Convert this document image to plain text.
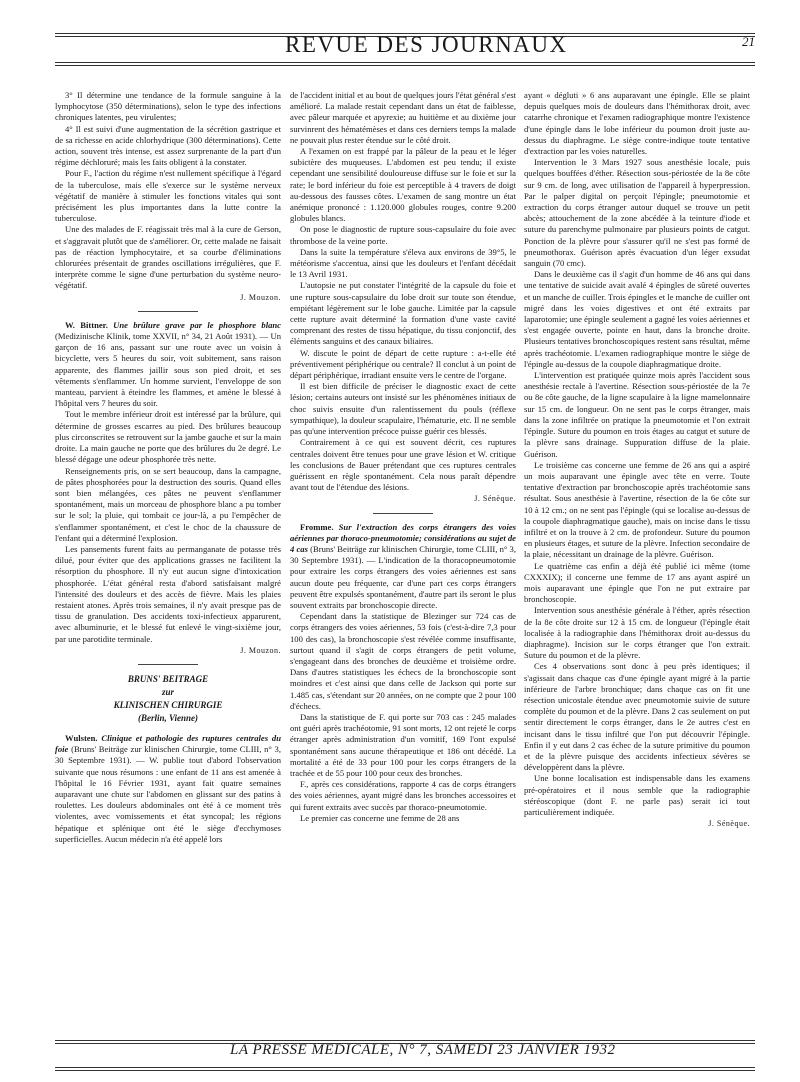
REVUE DES JOURNAUX	21

3° Il détermine une tendance de la formule sanguine à la lymphocytose (350 déterminations), selon le type des infections chroniques latentes, peu virulentes;

4° Il est suivi d'une augmentation de la sécrétion gastrique et de sa richesse en acide chlorhydrique (300 déterminations). Cette action, souvent très intense, est assez surprenante de la part d'un régime déchloruré; mais les faits obligent à la constater.

Pour F., l'action du régime n'est nullement spécifique à l'égard de la tuberculose, mais elle s'exerce sur le système nerveux végétatif de manière à stimuler les fonctions vitales qui sont précisément les plus importantes dans la lutte contre la tuberculose.

Une des malades de F. réagissait très mal à la cure de Gerson, et s'aggravait plutôt que de s'améliorer. Or, cette malade ne faisait pas de réaction lymphocytaire, et sa courbe d'éliminations chlorurées présentait de grandes oscillations irrégulières, que F. interprète comme le signe d'une perturbation du système neuro-végétatif.

J. Mouzon.

W. Bittner. Une brûlure grave par le phosphore blanc (Medizinische Klinik, tome XXVII, n° 34, 21 Août 1931). — Un garçon de 16 ans, passant sur une route avec un voisin à bicyclette, vers 5 heures du soir, voit subitement, sans raison apparente, des flammes jaillir sous son pied droit, et ses vêtements s'enflammer. Un homme survient, l'enveloppe de son manteau, parvient à éteindre les flammes, et amène le blessé à l'hôpital vers 7 heures du soir.

Tout le membre inférieur droit est intéressé par la brûlure, qui détermine de grosses escarres au pied. Des brûlures beaucoup plus circonscrites se retrouvent sur la jambe gauche et sur la main droite. La main gauche ne porte que des brûlures du 2e degré. Le blessé dégage une odeur phosphorée très nette.

Renseignements pris, on se sert beaucoup, dans la campagne, de pâtes phosphorées pour la destruction des souris. Quand elles sont bien mélangées, ces pâtes ne peuvent s'enflammer spontanément, mais un morceau de phosphore blanc a pu tomber sur le sol; la pluie, qui tombait ce jour-là, a pu l'empêcher de s'enflammer spontanément, et c'est le choc de la chaussure de l'enfant qui a déterminé l'explosion.

Les pansements furent faits au permanganate de potasse très dilué, pour éviter que des applications grasses ne facilitent la résorption du phosphore. Il n'y eut aucun signe d'intoxication phosphorée. L'état général resta d'abord satisfaisant malgré l'intensité des douleurs et des accès de fièvre. Mais les plaies restaient atones. Après trois semaines, il n'y avait presque pas de tissu de granulation. Des accidents toxi-infectieux apparurent, avec albuminurie, et le blessé fut enlevé le vingt-sixième jour, par une parotidite terminale.

J. Mouzon.

BRUNS' BEITRAGE
zur
KLINISCHEN CHIRURGIE
(Berlin, Vienne)

Wulsten. Clinique et pathologie des ruptures centrales du foie (Bruns' Beiträge zur klinischen Chirurgie, tome CLIII, n° 3, 30 Septembre 1931). — W. publie tout d'abord l'observation suivante que nous résumons : une enfant de 11 ans est amenée à l'hôpital le 16 Février 1931, ayant fait quatre semaines auparavant une chute sur l'abdomen en glissant sur des patins à roulettes. Les douleurs abdominales ont été à ce moment très violentes, avec vomissements et état syncopal; les régions hépatique et splénique ont été le siège d'ecchymoses superficielles. Aucun médecin n'a été appelé lors

de l'accident initial et au bout de quelques jours l'état général s'est amélioré. La malade restait cependant dans un état de faiblesse, avec pâleur marquée et apyrexie; au huitième et au dixième jour survinrent des hématémèses et dans ces derniers temps la malade ne pouvait plus rester étendue sur le côté droit.

A l'examen on est frappé par la pâleur de la peau et le léger subictère des muqueuses. L'abdomen est peu tendu; il existe cependant une sensibilité douloureuse diffuse sur le foie et sur la rate; le bord inférieur du foie est perceptible à 4 travers de doigt au-dessous des fausses côtes. L'examen de sang montre un état anémique prononcé : 1.120.000 globules rouges, contre 9.200 globules blancs.

On pose le diagnostic de rupture sous-capsulaire du foie avec thrombose de la veine porte.

Dans la suite la température s'éleva aux environs de 39°5, le météorisme s'accentua, ainsi que les douleurs et l'enfant décédait le 13 Avril 1931.

L'autopsie ne put constater l'intégrité de la capsule du foie et une rupture sous-capsulaire du lobe droit sur toute son étendue, empiétant légèrement sur le lobe gauche. Limitée par la capsule cette rupture avait déterminé la formation d'une vaste cavité comprenant des restes de tissu hépatique, du tissu conjonctif, des éléments sanguins et des canaux biliaires.

W. discute le point de départ de cette rupture : a-t-elle été préventivement périphérique ou centrale? Il conclut à un point de départ périphérique, irradiant ensuite vers le centre de l'organe.

Il est bien difficile de préciser le diagnostic exact de cette lésion; certains auteurs ont insisté sur les phénomènes initiaux de choc suivis ensuite d'un ralentissement du pouls (réflexe sympathique), la douleur scapulaire, l'hématurie, etc. Il ne semble pas qu'une intervention précoce puisse guérir ces blessés.

Contrairement à ce qui est souvent décrit, ces ruptures centrales doivent être tenues pour une grave lésion et W. critique les conclusions de Bauer prétendant que ces ruptures centrales guérissent en règle spontanément. Cela nous paraît dépendre avant tout de l'étendue des lésions.

J. Sénèque.

Fromme. Sur l'extraction des corps étrangers des voies aériennes par thoraco-pneumotomie; considérations au sujet de 4 cas (Bruns' Beiträge zur klinischen Chirurgie, tome CLIII, n° 3, 30 Septembre 1931). — L'indication de la thoracopneumotomie pour extraire les corps étrangers des voies aériennes est sans aucun doute peu fréquente, car d'une part ces corps étrangers peuvent être expulsés spontanément, d'autre part ils seront le plus souvent extraits par bronchoscopie directe.

Cependant dans la statistique de Blezinger sur 724 cas de corps étrangers des voies aériennes, 53 fois (c'est-à-dire 7,3 pour 100 des cas), la bronchoscopie s'est révélée comme insuffisante, surtout quand il s'agit de corps étrangers de petit volume, s'engageant dans des bronches de deuxième et troisième ordre. Dans d'autres statistiques les échecs de la bronchoscopie sont moindres et c'est ainsi que dans celle de Jackson qui porte sur 1.485 cas, s'étendant sur 20 années, on ne compte que 2 pour 100 d'échecs.

Dans la statistique de F. qui porte sur 703 cas : 245 malades ont guéri après trachéotomie, 91 sont morts, 12 ont rejeté le corps étranger après administration d'un vomitif, 169 l'ont expulsé spontanément sans aucune thérapeutique et 186 ont décédé. La mortalité a été de 33 pour 100 pour les corps étrangers de la trachée et de 55 pour 100 pour ceux des bronches.

F., après ces considérations, rapporte 4 cas de corps étrangers des voies aériennes, ayant migré dans les bronches accessoires et qui furent extraits avec succès par thoraco-pneumotomie.

Le premier cas concerne une femme de 28 ans

ayant « dégluti » 6 ans auparavant une épingle. Elle se plaint depuis quelques mois de douleurs dans l'hémithorax droit, avec catarrhe chronique et l'examen radiographique montre l'existence d'une épingle dans le lobe inférieur du poumon droit juste au-dessus du diaphragme. Le siège contre-indique toute tentative d'extraction par les voies naturelles.

Intervention le 3 Mars 1927 sous anesthésie locale, puis quelques bouffées d'éther. Résection sous-périostée de la 8e côte sur 9 cm. de long, avec utilisation de l'appareil à hyperpression. Par le palper digital on perçoit l'épingle; pneumotomie et extraction du corps étranger autour duquel se trouve un petit abcès; attouchement de la zone abcédée à la teinture d'iode et suture du parenchyme pulmonaire par plusieurs points de catgut. Ponction de la plèvre pour s'assurer qu'il ne s'est pas formé de pneumothorax. Guérison après évacuation d'un léger exsudat sanguin (70 cmc).

Dans le deuxième cas il s'agit d'un homme de 46 ans qui dans une tentative de suicide avait avalé 4 épingles de sûreté ouvertes et un manche de cuiller. Trois épingles et le manche de cuiller ont migré dans les voies digestives et ont été extraits par laparotomie; une épingle seulement a gagné les voies aériennes et s'est engagée ouverte, pointe en haut, dans la bronche droite. Plusieurs tentatives bronchoscopiques restent sans résultat, même après trachéotomie. L'examen radiographique montre le siège de l'épingle au-dessus de la coupole diaphragmatique droite.

L'intervention est pratiquée quinze mois après l'accident sous anesthésie rectale à l'avertine. Résection sous-périostée de la 7e ou 8e côte gauche, de la ligne scapulaire à la ligne mamelonnaire sur 15 cm. de longueur. On ne sent pas le corps étranger, mais dans la zone infiltrée on pratique la pneumotomie et l'on extrait l'épingle. Suture du poumon en trois étages au catgut et suture de la plèvre sans drainage. Suppuration diffuse de la plaie. Guérison.

Le troisième cas concerne une femme de 26 ans qui a aspiré un mois auparavant une épingle avec tête en verre. Toute tentative d'extraction par bronchoscopie après trachéotomie sans résultat. Sous anesthésie à l'avertine, résection de la 6e côte sur 10 à 12 cm.; on ne sent pas l'épingle (qui se localise au-dessus de la coupole diaphragmatique gauche), mais on incise dans le tissu infiltré et on la trouve à 2 cm. de profondeur. Suture du poumon en plusieurs étages, et suture de la plèvre. Infection secondaire de la plaie, nécessitant un drainage de la plèvre. Guérison.

Le quatrième cas enfin a déjà été publié ici même (tome CXXXIX); il concerne une femme de 17 ans ayant aspiré un mois auparavant une épingle que l'on ne put extraire par bronchoscopie.

Intervention sous anesthésie générale à l'éther, après résection de la 8e côte droite sur 12 à 15 cm. de longueur (l'épingle était localisée à la radiographie dans l'hémithorax droit au-dessus du diaphragme). Incision sur le corps étranger que l'on extrait. Suture du poumon et de la plèvre.

Ces 4 observations sont donc à peu près identiques; il s'agissait dans chaque cas d'une épingle ayant migré à la partie inférieure de l'arbre bronchique; dans chaque cas on fit une résection unicostale étendue avec pneumotomie suivie de suture complète du poumon et de la plèvre. Dans 2 cas seulement on put sentir directement le corps étranger, dans le 2e autres c'est en incisant dans le tissu infiltré que l'on put découvrir l'épingle. Enfin il y eut dans 2 cas échec de la suture primitive du poumon et de la plèvre puisque des accidents infectieux sévères se développèrent dans la plèvre.

Une bonne localisation est indispensable dans les examens pré-opératoires et il nous semble que la radiographie stéréoscopique (dont F. ne parle pas) serait ici tout particulièrement indiquée.

J. Sénèque.

LA PRESSE MEDICALE, N° 7, SAMEDI 23 JANVIER 1932
